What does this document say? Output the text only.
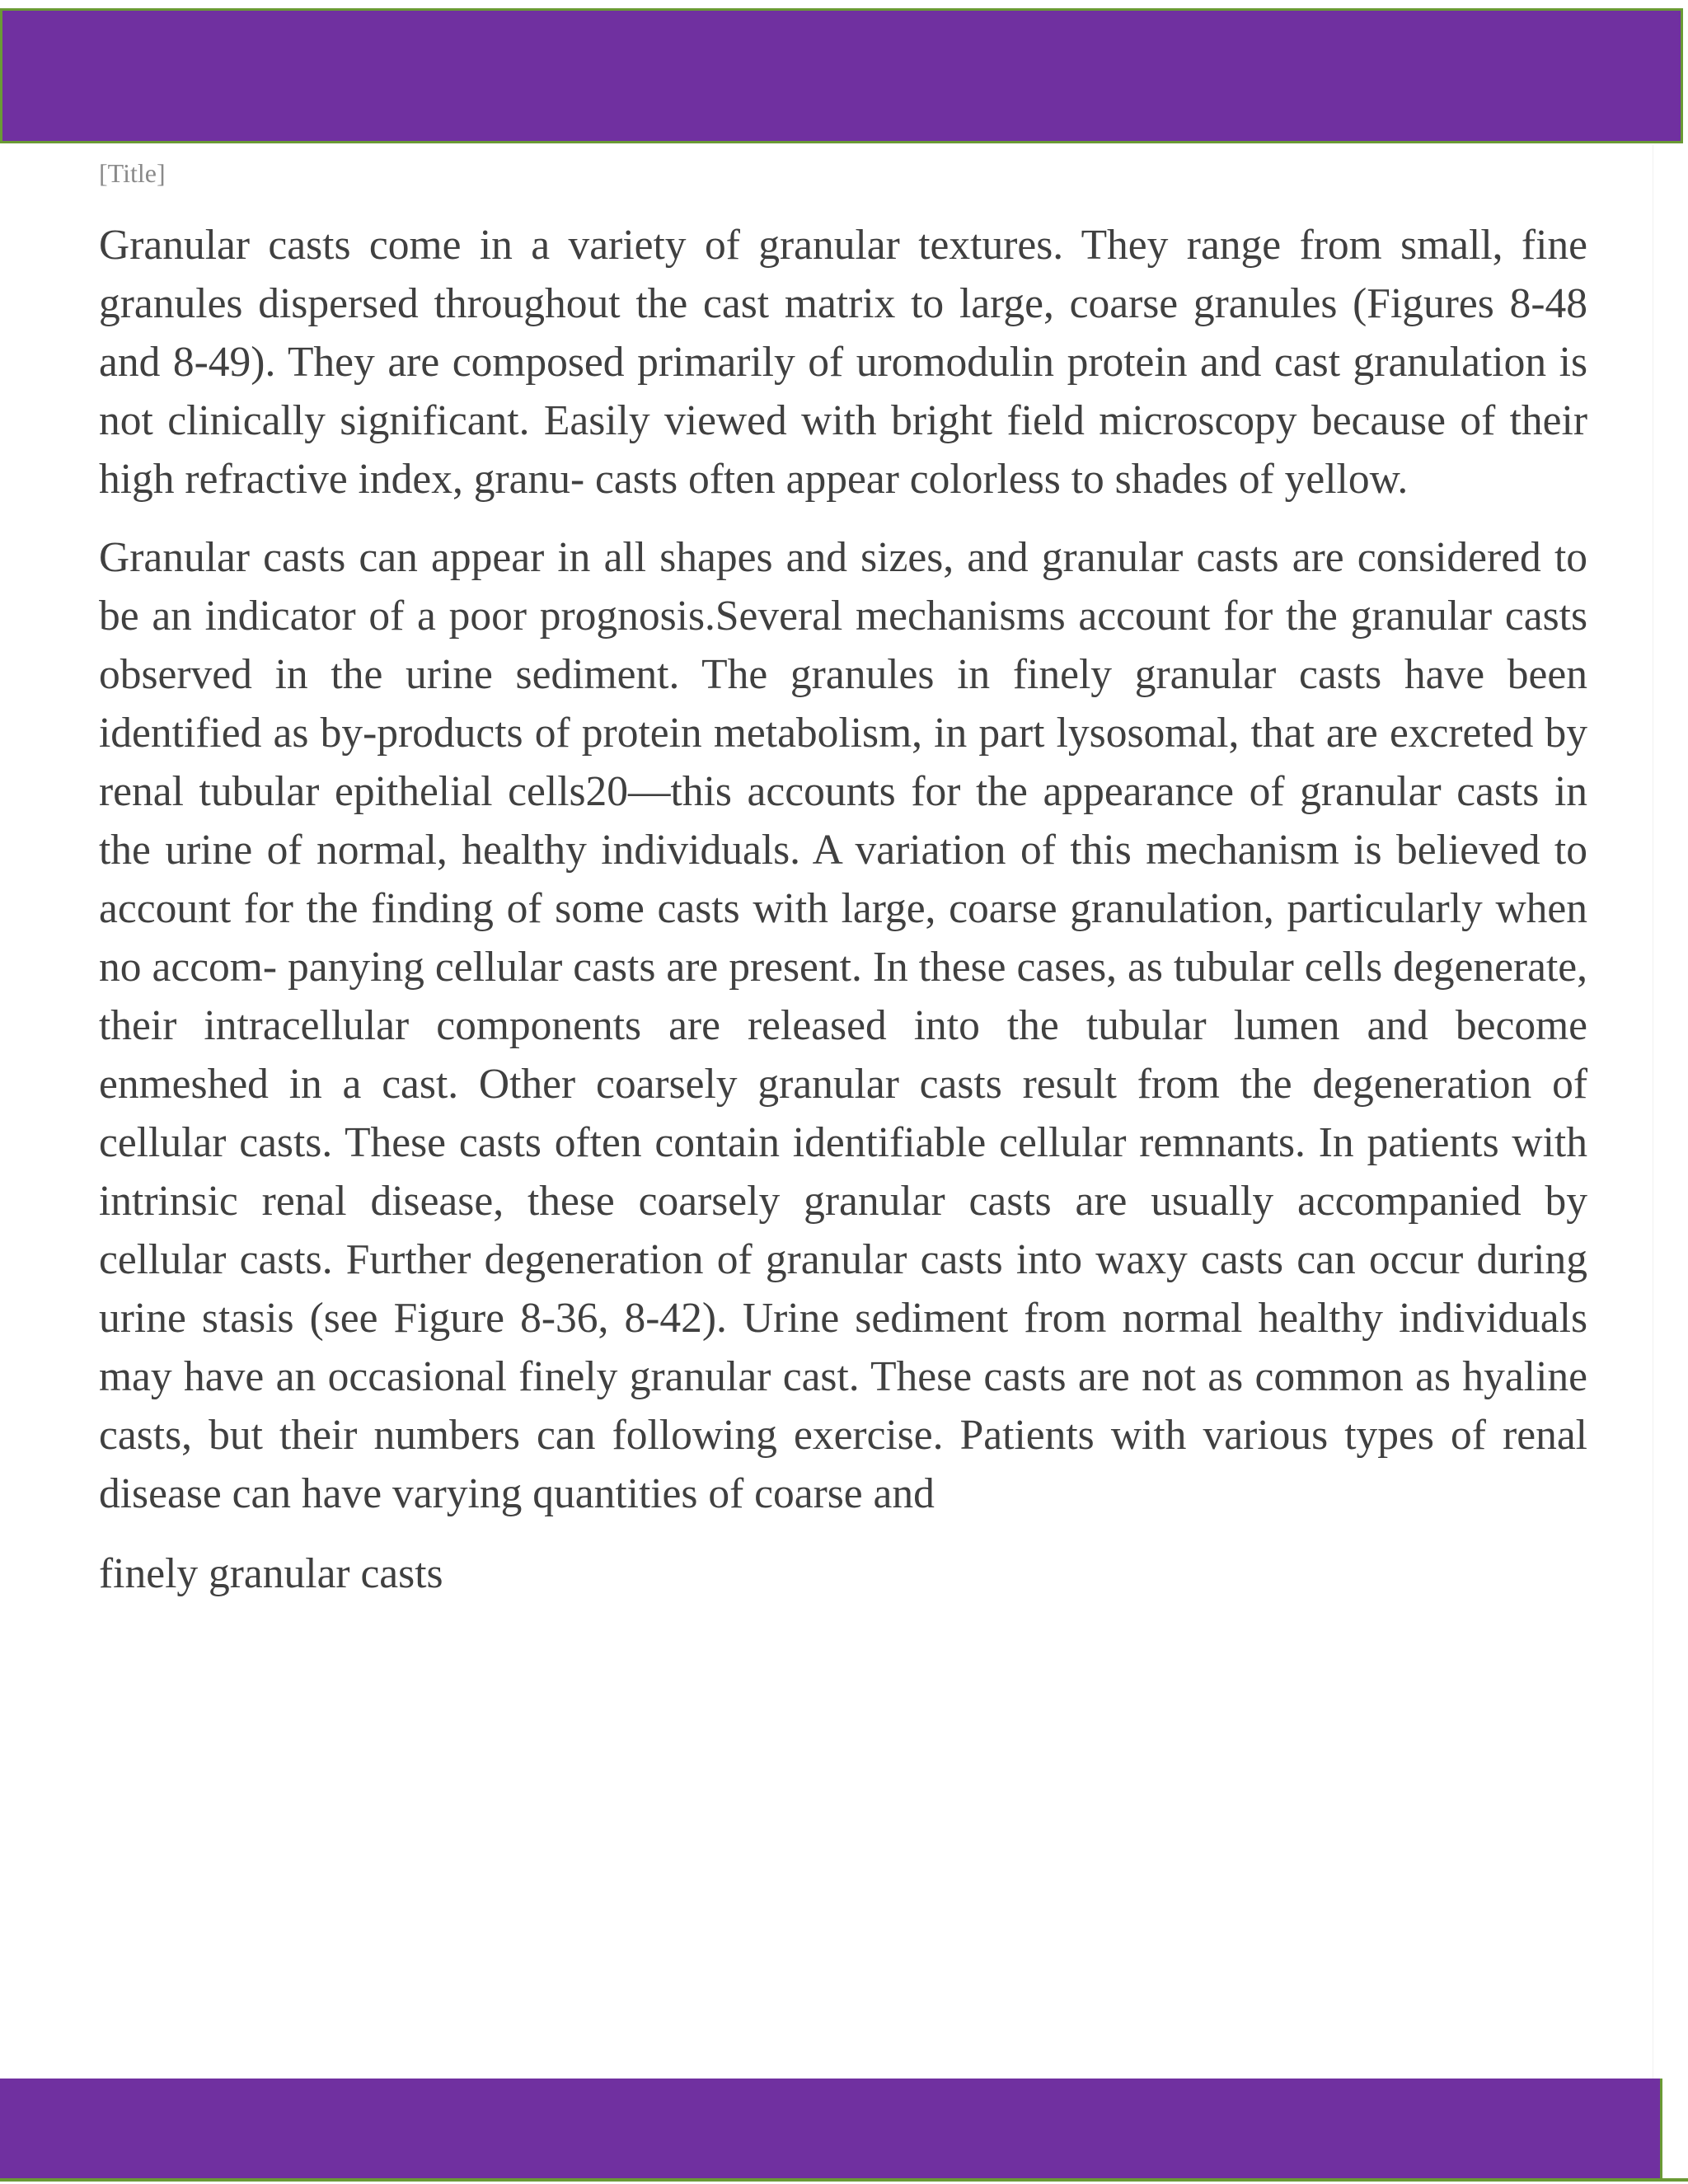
[Title]

Granular casts come in a variety of granular textures. They range from small, fine granules dispersed throughout the cast matrix to large, coarse granules (Figures 8-48 and 8-49). They are composed primarily of uromodulin protein and cast granulation is not clinically significant. Easily viewed with bright field microscopy because of their high refractive index, granu- casts often appear colorless to shades of yellow.

Granular casts can appear in all shapes and sizes, and granular casts are considered to be an indicator of a poor prognosis.Several mechanisms account for the granular casts observed in the urine sediment. The granules in finely granular casts have been identified as by-products of protein metabolism, in part lysosomal, that are excreted by renal tubular epithelial cells20—this accounts for the appearance of granular casts in the urine of normal, healthy individuals. A variation of this mechanism is believed to account for the finding of some casts with large, coarse granulation, particularly when no accom- panying cellular casts are present. In these cases, as tubular cells degenerate, their intracellular components are released into the tubular lumen and become enmeshed in a cast. Other coarsely granular casts result from the degeneration of cellular casts. These casts often contain identifiable cellular remnants. In patients with intrinsic renal disease, these coarsely granular casts are usually accompanied by cellular casts. Further degeneration of granular casts into waxy casts can occur during urine stasis (see Figure 8-36, 8-42). Urine sediment from normal healthy individuals may have an occasional finely granular cast. These casts are not as common as hyaline casts, but their numbers can following exercise. Patients with various types of renal disease can have varying quantities of coarse and

finely granular casts
